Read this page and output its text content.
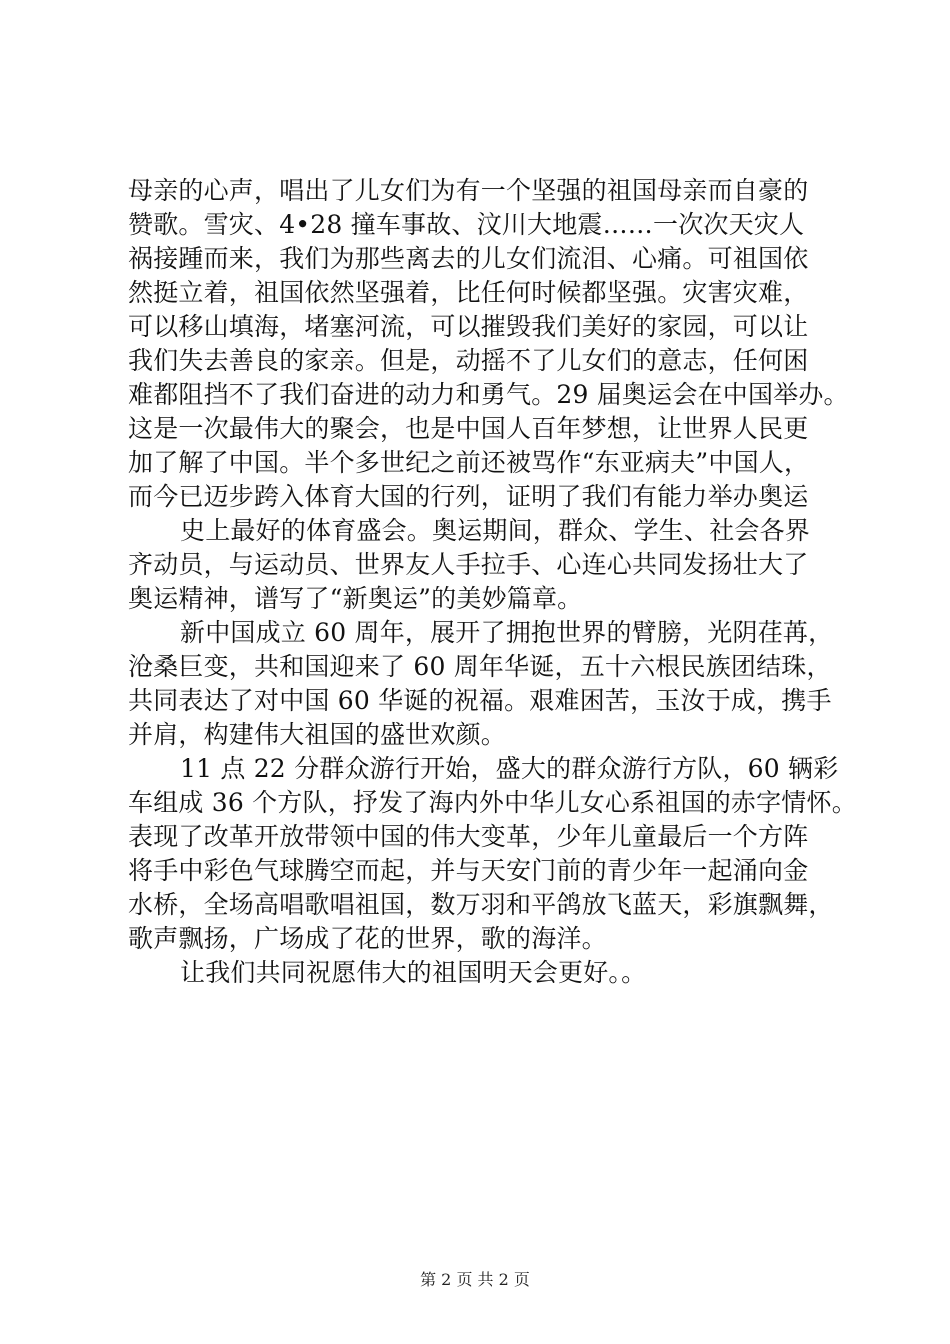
母亲的心声，唱出了儿女们为有一个坚强的祖国母亲而自豪的
赞歌。雪灾、4•28 撞车事故、汶川大地震……一次次天灾人
祸接踵而来，我们为那些离去的儿女们流泪、心痛。可祖国依
然挺立着，祖国依然坚强着，比任何时候都坚强。灾害灾难，
可以移山填海，堵塞河流，可以摧毁我们美好的家园，可以让
我们失去善良的家亲。但是，动摇不了儿女们的意志，任何困
难都阻挡不了我们奋进的动力和勇气。29 届奥运会在中国举办。
这是一次最伟大的聚会，也是中国人百年梦想，让世界人民更
加了解了中国。半个多世纪之前还被骂作“东亚病夫”中国人，
而今已迈步跨入体育大国的行列，证明了我们有能力举办奥运
史上最好的体育盛会。奥运期间，群众、学生、社会各界
齐动员，与运动员、世界友人手拉手、心连心共同发扬壮大了
奥运精神，谱写了“新奥运”的美妙篇章。
新中国成立 60 周年，展开了拥抱世界的臂膀，光阴荏苒，
沧桑巨变，共和国迎来了 60 周年华诞，五十六根民族团结珠，
共同表达了对中国 60 华诞的祝福。艰难困苦，玉汝于成，携手
并肩，构建伟大祖国的盛世欢颜。
11 点 22 分群众游行开始，盛大的群众游行方队，60 辆彩
车组成 36 个方队，抒发了海内外中华儿女心系祖国的赤字情怀。
表现了改革开放带领中国的伟大变革，少年儿童最后一个方阵
将手中彩色气球腾空而起，并与天安门前的青少年一起涌向金
水桥，全场高唱歌唱祖国，数万羽和平鸽放飞蓝天，彩旗飘舞，
歌声飘扬，广场成了花的世界，歌的海洋。
让我们共同祝愿伟大的祖国明天会更好。。
第 2 页 共 2 页
